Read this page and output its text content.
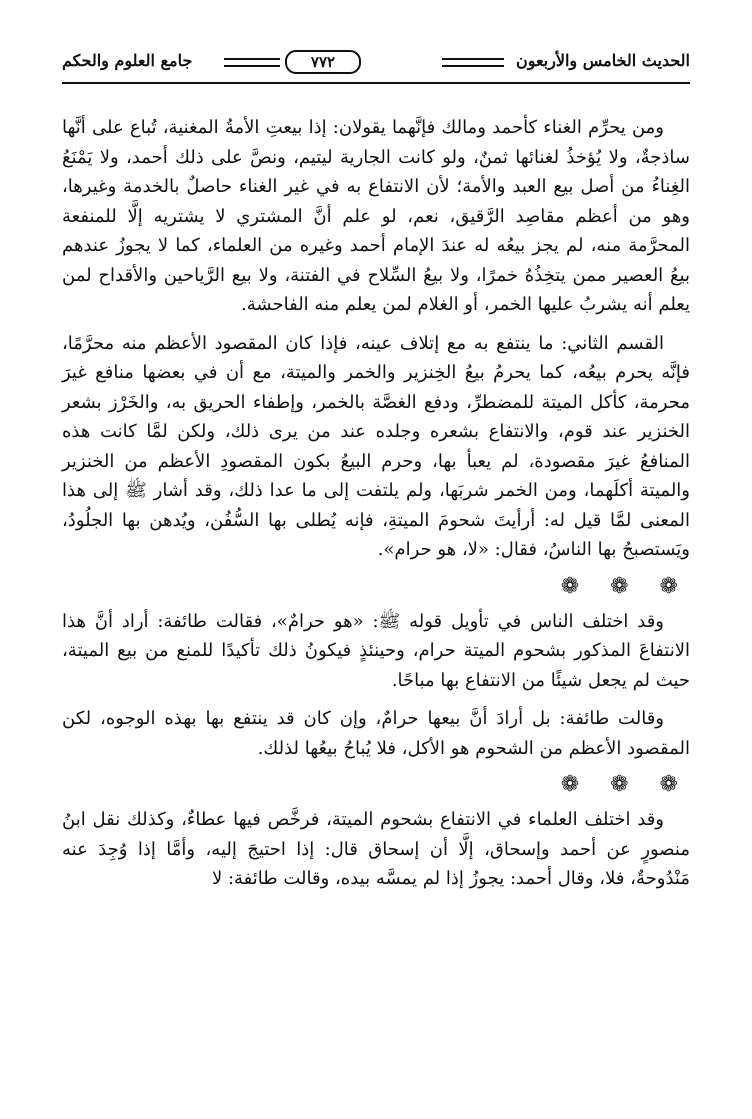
الحديث الخامس والأربعون
٧٧٢
جامع العلوم والحكم

ومن يحرِّم الغناء كأحمد ومالك فإنَّهما يقولان: إذا بيعتِ الأمةُ المغنية، تُباع على أنَّها ساذجةٌ، ولا يُؤخذُ لغنائها ثمنٌ، ولو كانت الجارية ليتيم، ونصَّ على ذلك أحمد، ولا يَمْنَعُ الغِناءُ من أصل بيع العبد والأمة؛ لأن الانتفاع به في غير الغناء حاصلٌ بالخدمة وغيرها، وهو من أعظم مقاصِد الرَّقيق، نعم، لو علم أنَّ المشتري لا يشتريه إلَّا للمنفعة المحرَّمة منه، لم يجز بيعُه له عندَ الإمام أحمد وغيره من العلماء، كما لا يجوزُ عندهم بيعُ العصير ممن يتخِذُهُ خمرًا، ولا بيعُ السِّلاح في الفتنة، ولا بيع الرَّياحين والأقداح لمن يعلم أنه يشربُ عليها الخمر، أو الغلام لمن يعلم منه الفاحشة.

القسم الثاني: ما ينتفع به مع إتلاف عينه، فإذا كان المقصود الأعظم منه محرَّمًا، فإنَّه يحرم بيعُه، كما يحرمُ بيعُ الخِنزير والخمر والميتة، مع أن في بعضها منافع غيرَ محرمة، كأكل الميتة للمضطرِّ، ودفع الغصَّة بالخمر، وإطفاء الحريق به، والخَرْز بشعر الخنزير عند قوم، والانتفاع بشعره وجلده عند من يرى ذلك، ولكن لمَّا كانت هذه المنافعُ غيرَ مقصودة، لم يعبأ بها، وحرم البيعُ بكون المقصودِ الأعظم من الخنزير والميتة أكلَهما، ومن الخمر شربَها، ولم يلتفت إلى ما عدا ذلك، وقد أشار ﷺ إلى هذا المعنى لمَّا قيل له: أرأيتَ شحومَ الميتةِ، فإنه يُطلى بها السُّفُن، ويُدهن بها الجلُودُ، ويَستصبحُ بها الناسُ، فقال: «لا، هو حرام».

❁ ❁ ❁

وقد اختلف الناس في تأويل قوله ﷺ: «هو حرامٌ»، فقالت طائفة: أراد أنَّ هذا الانتفاعَ المذكور بشحوم الميتة حرام، وحينئذٍ فيكونُ ذلك تأكيدًا للمنع من بيع الميتة، حيث لم يجعل شيئًا من الانتفاع بها مباحًا.

وقالت طائفة: بل أرادَ أنَّ بيعها حرامٌ، وإن كان قد ينتفع بها بهذه الوجوه، لكن المقصود الأعظم من الشحوم هو الأكل، فلا يُباحُ بيعُها لذلك.

❁ ❁ ❁

وقد اختلف العلماء في الانتفاع بشحوم الميتة، فرخَّص فيها عطاءٌ، وكذلك نقل ابنُ منصورٍ عن أحمد وإسحاق، إلَّا أن إسحاق قال: إذا احتيجَ إليه، وأمَّا إذا وُجِدَ عنه مَنْدُوحةٌ، فلا، وقال أحمد: يجوزُ إذا لم يمسَّه بيده، وقالت طائفة: لا
